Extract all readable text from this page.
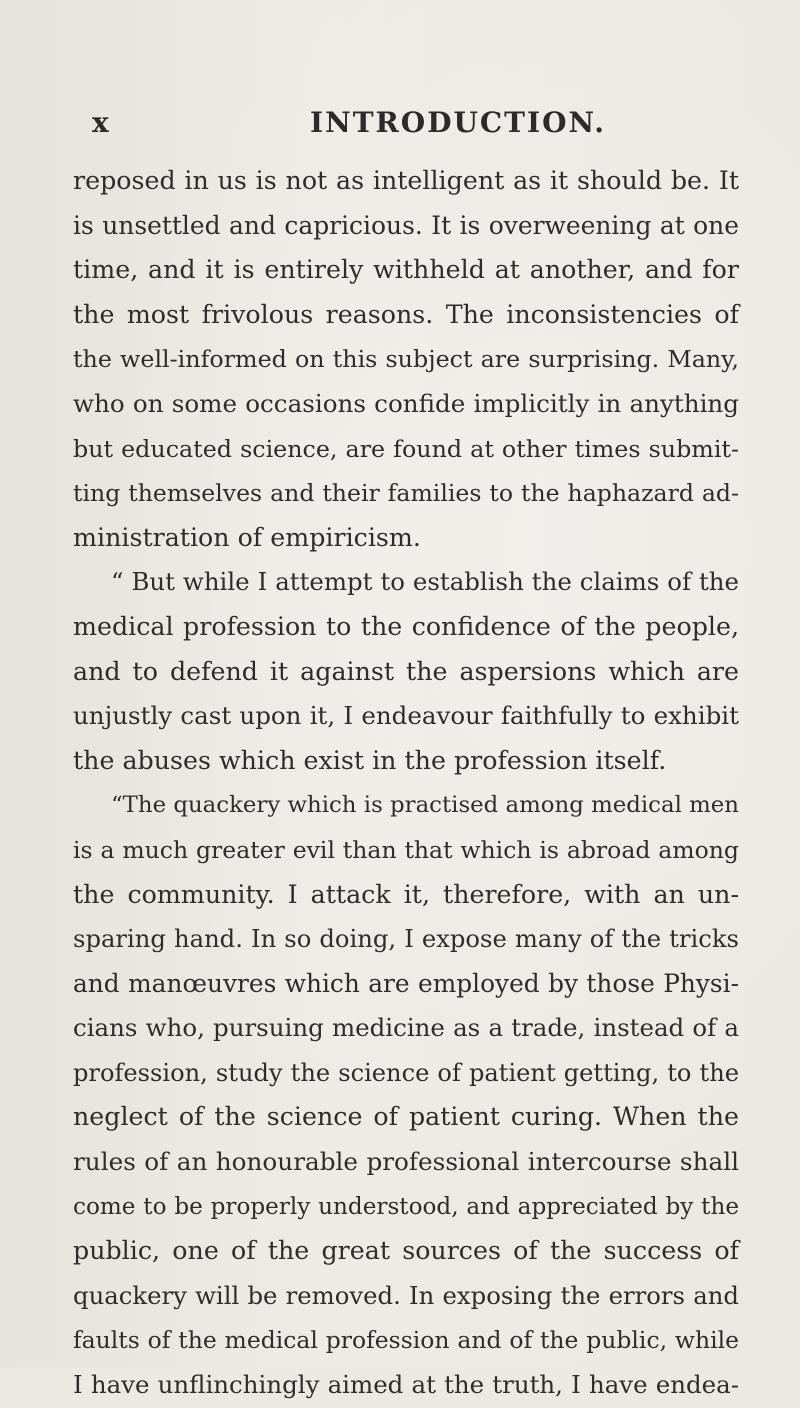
x	INTRODUCTION.
reposed in us is not as intelligent as it should be. It
is unsettled and capricious. It is overweening at one
time, and it is entirely withheld at another, and for
the most frivolous reasons. The inconsistencies of
the well-informed on this subject are surprising. Many,
who on some occasions confide implicitly in anything
but educated science, are found at other times submit-
ting themselves and their families to the haphazard ad-
ministration of empiricism.
“ But while I attempt to establish the claims of the
medical profession to the confidence of the people,
and to defend it against the aspersions which are
unjustly cast upon it, I endeavour faithfully to exhibit
the abuses which exist in the profession itself.
“The quackery which is practised among medical men
is a much greater evil than that which is abroad among
the community. I attack it, therefore, with an un-
sparing hand. In so doing, I expose many of the tricks
and manœuvres which are employed by those Physi-
cians who, pursuing medicine as a trade, instead of a
profession, study the science of patient getting, to the
neglect of the science of patient curing. When the
rules of an honourable professional intercourse shall
come to be properly understood, and appreciated by the
public, one of the great sources of the success of
quackery will be removed. In exposing the errors and
faults of the medical profession and of the public, while
I have unflinchingly aimed at the truth, I have endea-
